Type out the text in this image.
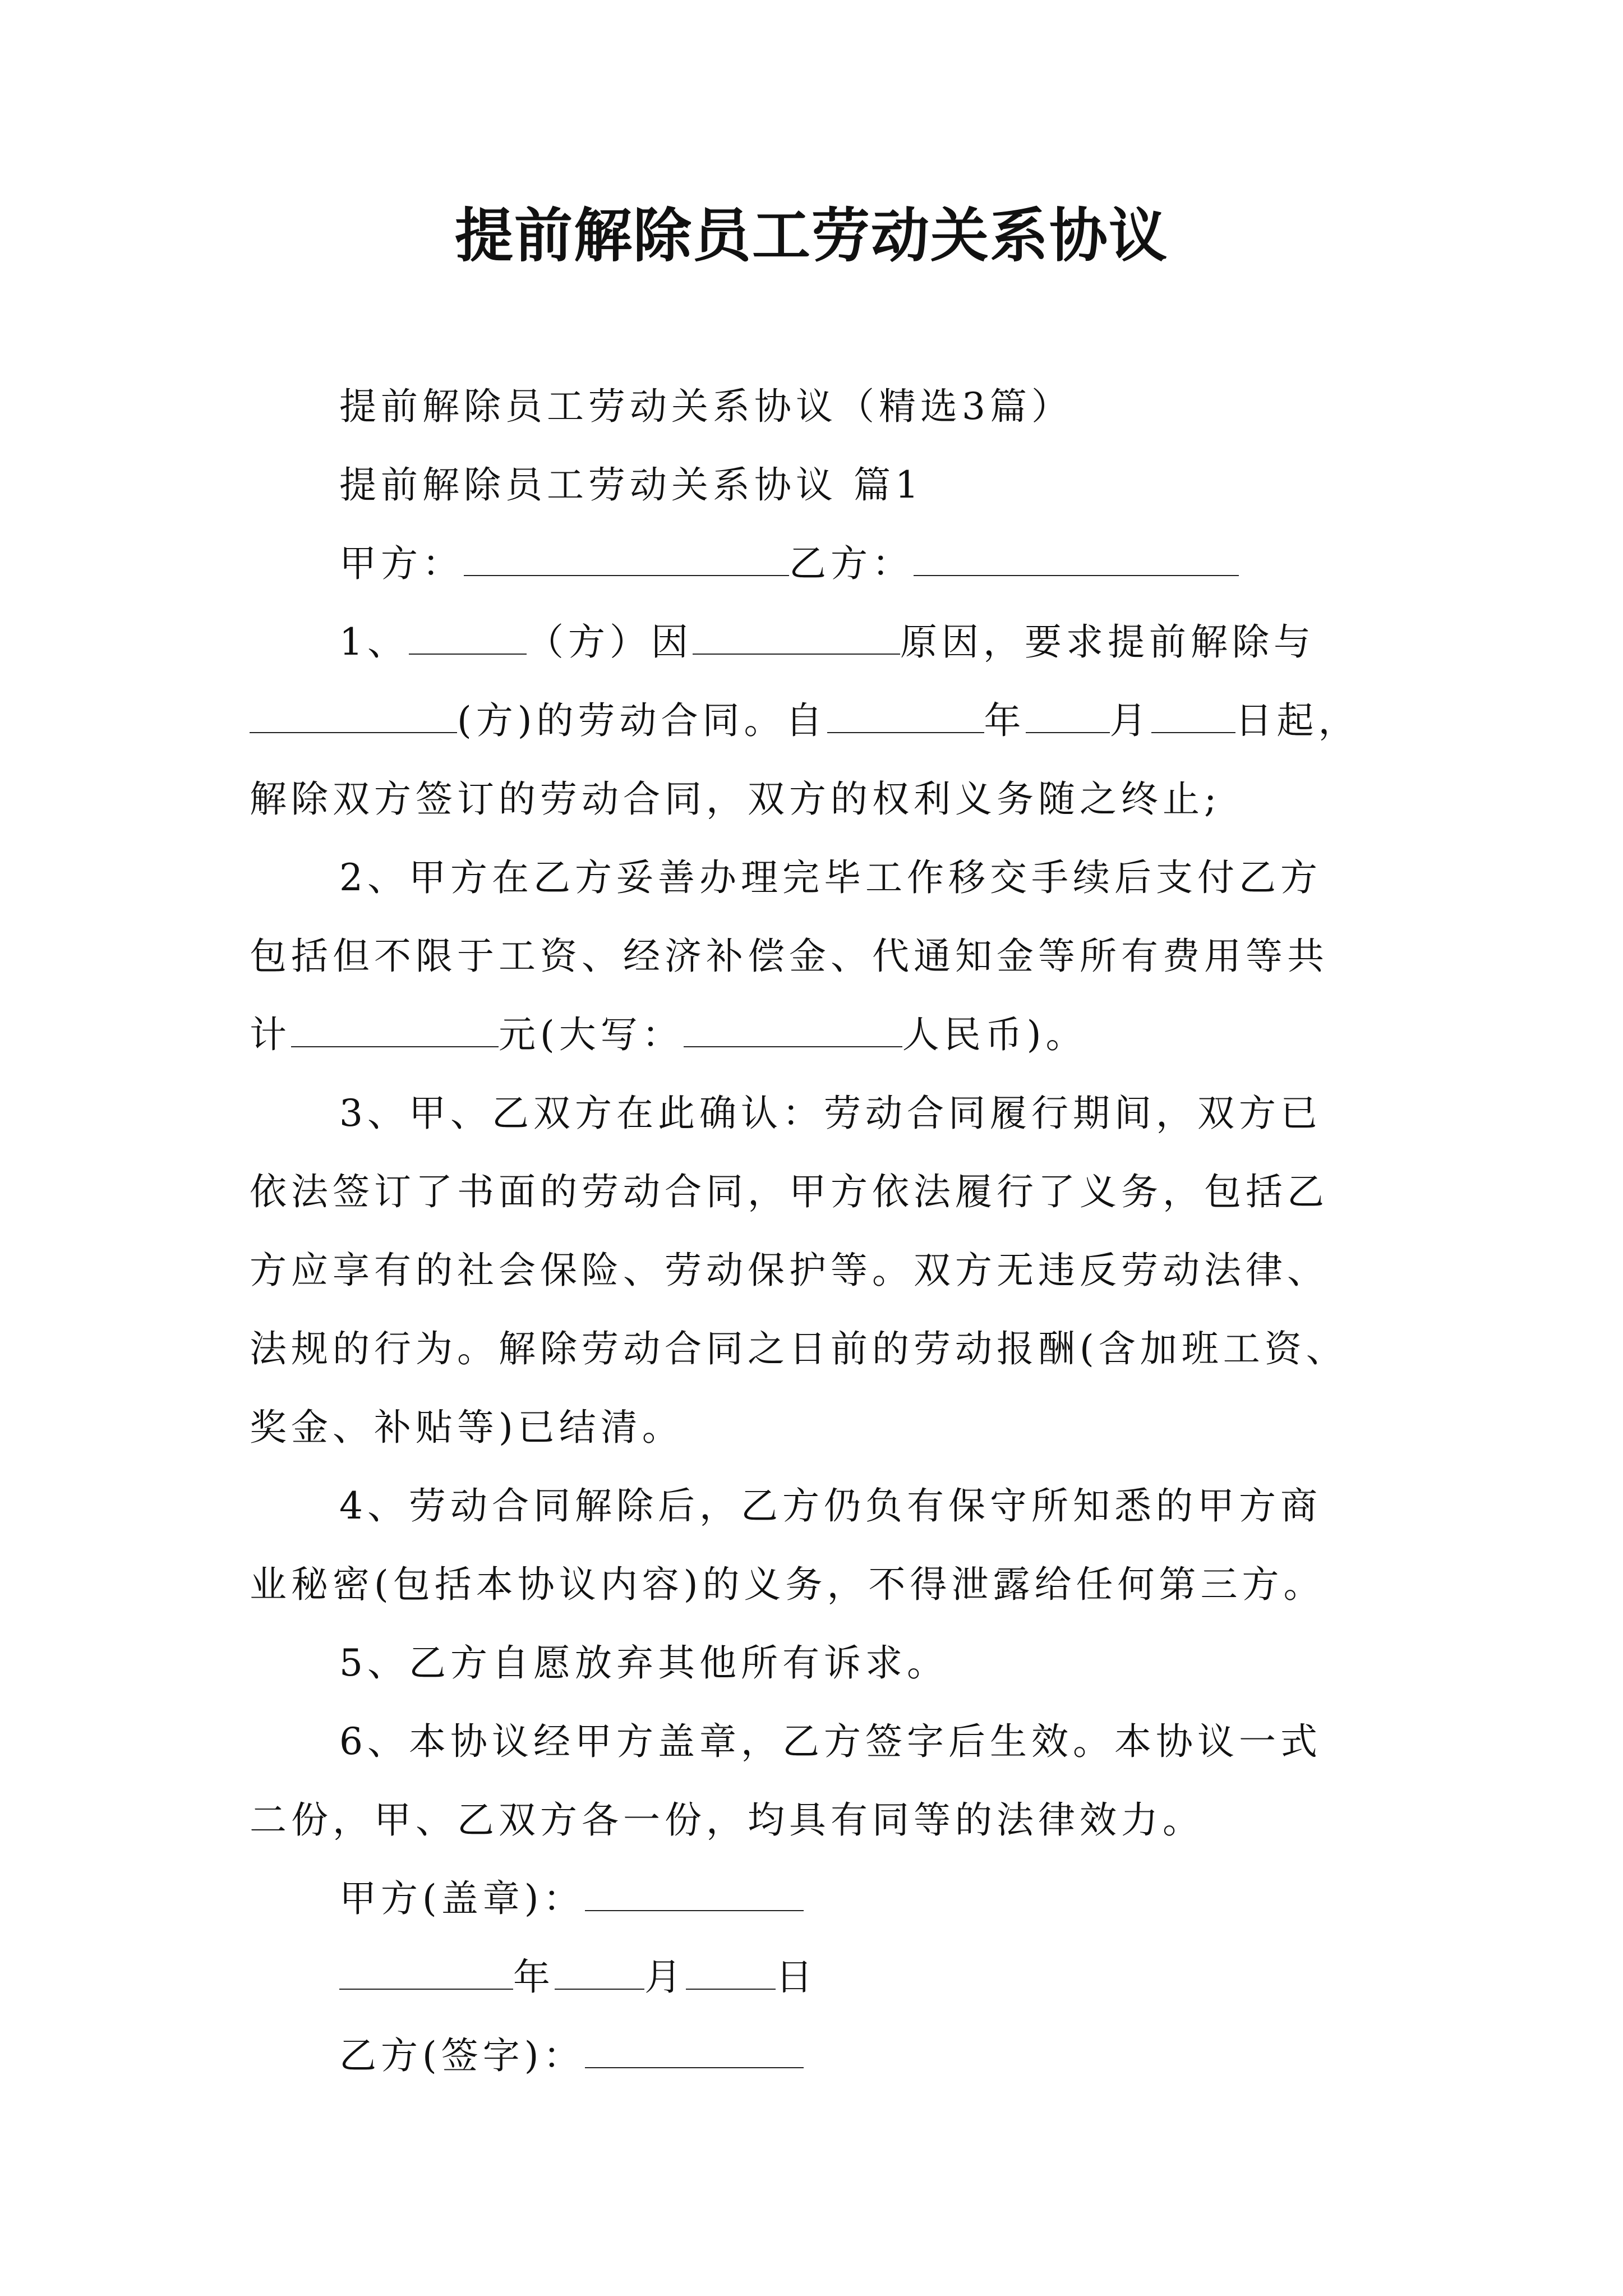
提前解除员工劳动关系协议
提前解除员工劳动关系协议（精选3篇）
提前解除员工劳动关系协议 篇1
甲方：	乙方：
1、	（方）因	原因，要求提前解除与
(方)的劳动合同。自	年 月 日起，
解除双方签订的劳动合同，双方的权利义务随之终止;
2、甲方在乙方妥善办理完毕工作移交手续后支付乙方
包括但不限于工资、经济补偿金、代通知金等所有费用等共
计	元(大写：	人民币)。
3、甲、乙双方在此确认：劳动合同履行期间，双方已
依法签订了书面的劳动合同，甲方依法履行了义务，包括乙
方应享有的社会保险、劳动保护等。双方无违反劳动法律、
法规的行为。解除劳动合同之日前的劳动报酬(含加班工资、
奖金、补贴等)已结清。
4、劳动合同解除后，乙方仍负有保守所知悉的甲方商
业秘密(包括本协议内容)的义务，不得泄露给任何第三方。
5、乙方自愿放弃其他所有诉求。
6、本协议经甲方盖章，乙方签字后生效。本协议一式
二份，甲、乙双方各一份，均具有同等的法律效力。
甲方(盖章)：
年 月 日
乙方(签字)：
